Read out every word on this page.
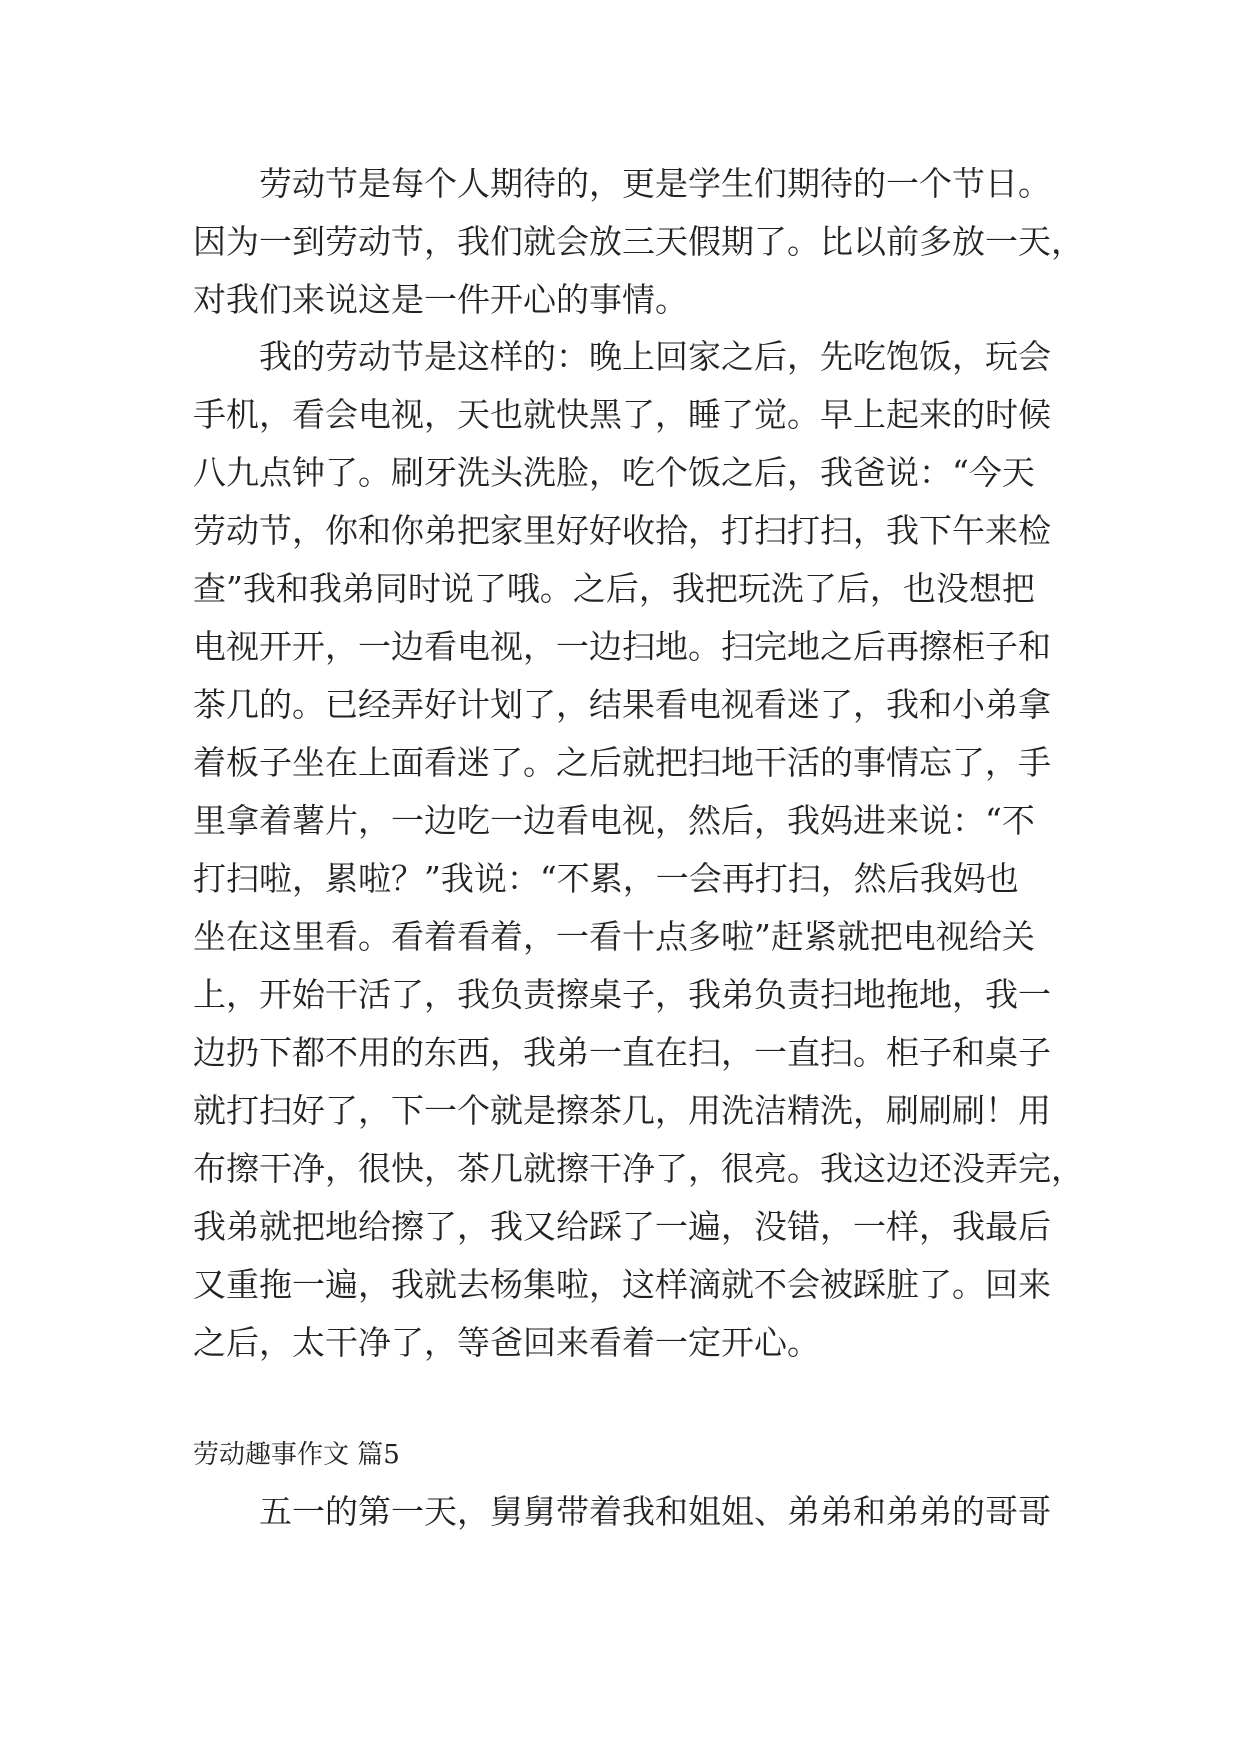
劳动节是每个人期待的，更是学生们期待的一个节日。
因为一到劳动节，我们就会放三天假期了。比以前多放一天，
对我们来说这是一件开心的事情。
我的劳动节是这样的：晚上回家之后，先吃饱饭，玩会
手机，看会电视，天也就快黑了，睡了觉。早上起来的时候
八九点钟了。刷牙洗头洗脸，吃个饭之后，我爸说：“今天
劳动节，你和你弟把家里好好收拾，打扫打扫，我下午来检
查”我和我弟同时说了哦。之后，我把玩洗了后，也没想把
电视开开，一边看电视，一边扫地。扫完地之后再擦柜子和
茶几的。已经弄好计划了，结果看电视看迷了，我和小弟拿
着板子坐在上面看迷了。之后就把扫地干活的事情忘了，手
里拿着薯片，一边吃一边看电视，然后，我妈进来说：“不
打扫啦，累啦？”我说：“不累，一会再打扫，然后我妈也
坐在这里看。看着看着，一看十点多啦”赶紧就把电视给关
上，开始干活了，我负责擦桌子，我弟负责扫地拖地，我一
边扔下都不用的东西，我弟一直在扫，一直扫。柜子和桌子
就打扫好了，下一个就是擦茶几，用洗洁精洗，刷刷刷！用
布擦干净，很快，茶几就擦干净了，很亮。我这边还没弄完，
我弟就把地给擦了，我又给踩了一遍，没错，一样，我最后
又重拖一遍，我就去杨集啦，这样滴就不会被踩脏了。回来
之后，太干净了，等爸回来看着一定开心。
劳动趣事作文 篇5
五一的第一天，舅舅带着我和姐姐、弟弟和弟弟的哥哥
